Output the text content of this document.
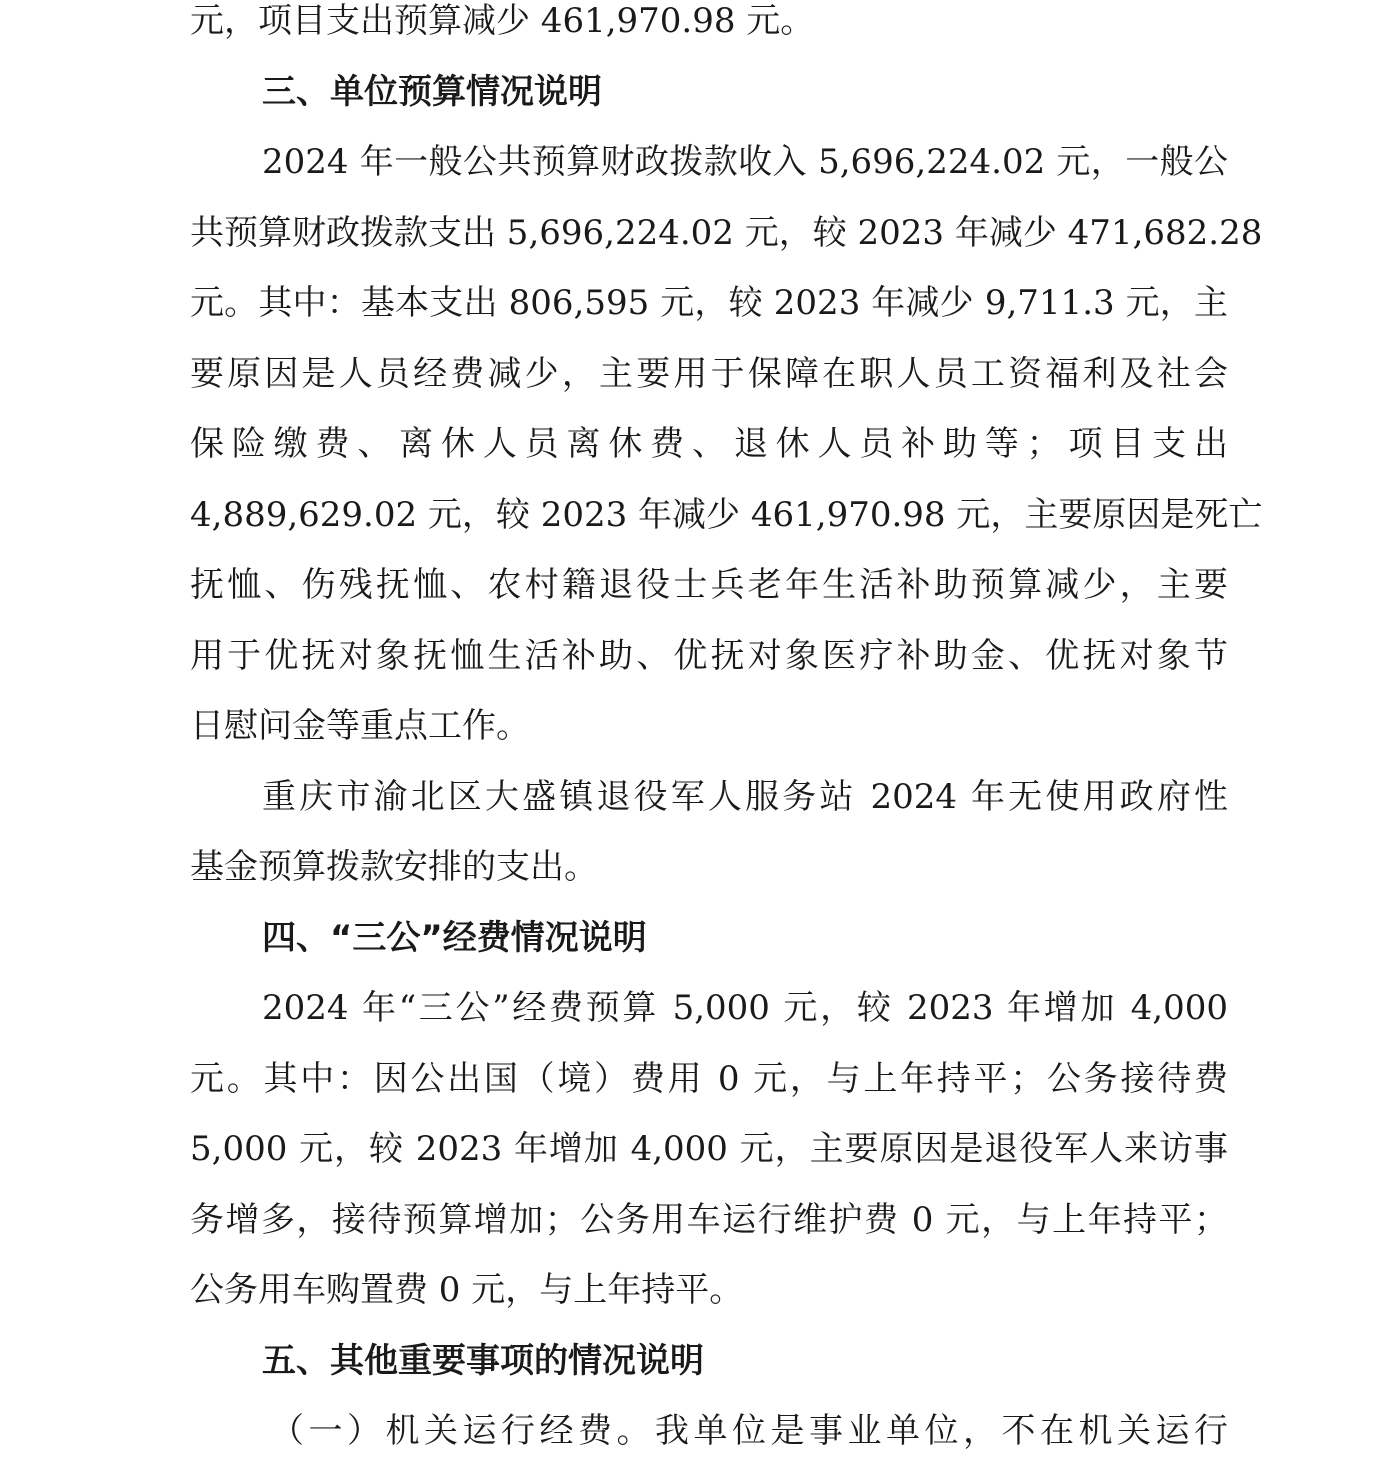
元，项目支出预算减少 461,970.98 元。
三、单位预算情况说明
2024 年一般公共预算财政拨款收入 5,696,224.02 元，一般公
共预算财政拨款支出 5,696,224.02 元，较 2023 年减少 471,682.28
元。其中：基本支出 806,595 元，较 2023 年减少 9,711.3 元，主
要原因是人员经费减少，主要用于保障在职人员工资福利及社会
保险缴费、离休人员离休费、退休人员补助等；项目支出
4,889,629.02 元，较 2023 年减少 461,970.98 元，主要原因是死亡
抚恤、伤残抚恤、农村籍退役士兵老年生活补助预算减少，主要
用于优抚对象抚恤生活补助、优抚对象医疗补助金、优抚对象节
日慰问金等重点工作。
重庆市渝北区大盛镇退役军人服务站 2024 年无使用政府性
基金预算拨款安排的支出。
四、“三公”经费情况说明
2024 年“三公”经费预算 5,000 元，较 2023 年增加 4,000
元。其中：因公出国（境）费用 0 元，与上年持平；公务接待费
5,000 元，较 2023 年增加 4,000 元，主要原因是退役军人来访事
务增多，接待预算增加；公务用车运行维护费 0 元，与上年持平；
公务用车购置费 0 元，与上年持平。
五、其他重要事项的情况说明
（一）机关运行经费。我单位是事业单位，不在机关运行
